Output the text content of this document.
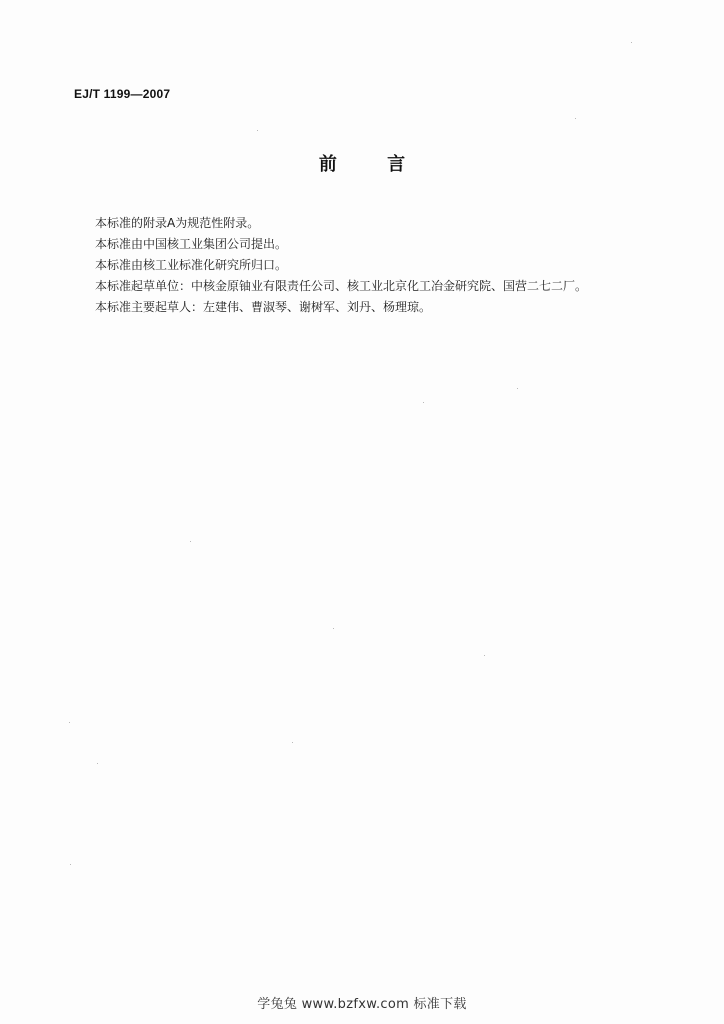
EJ/T 1199—2007
前 言
本标准的附录A为规范性附录。
本标准由中国核工业集团公司提出。
本标准由核工业标准化研究所归口。
本标准起草单位：中核金原铀业有限责任公司、核工业北京化工冶金研究院、国营二七二厂。
本标准主要起草人：左建伟、曹淑琴、谢树军、刘丹、杨理琼。
学兔兔 www.bzfxw.com 标准下载
